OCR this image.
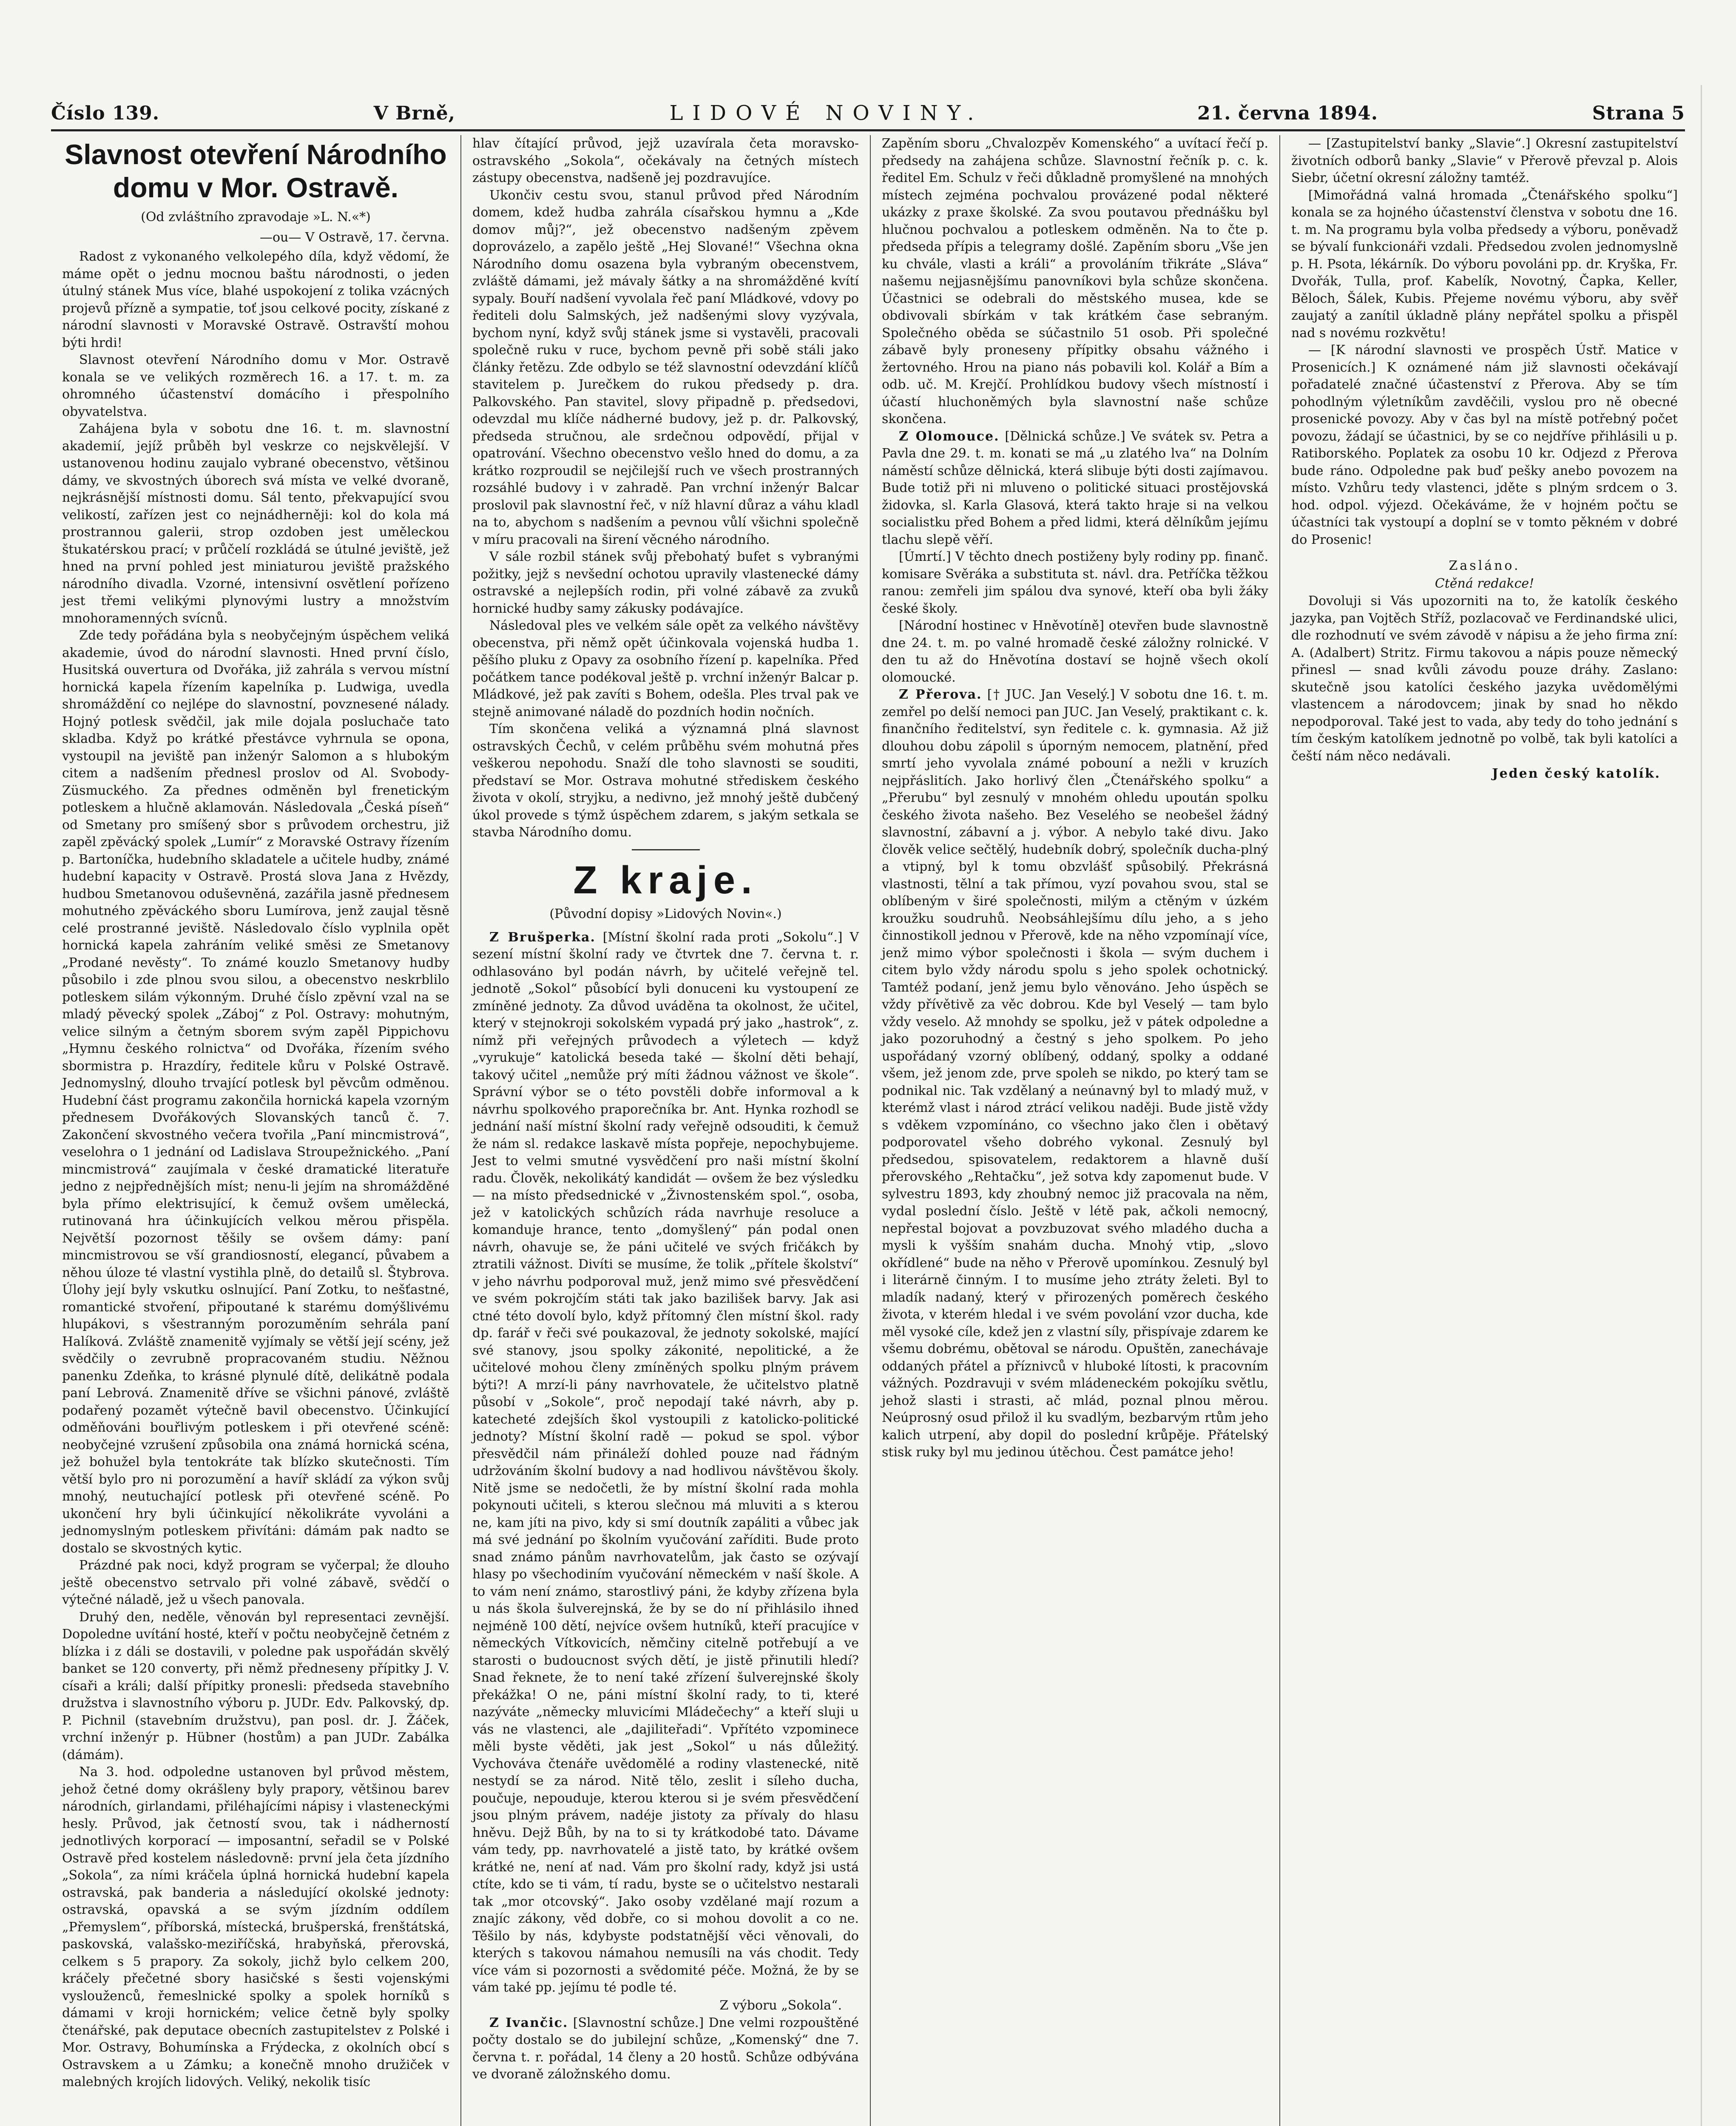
Číslo 139.	V Brně,	LIDOVÉ NOVINY.	21. června 1894.	Strana 5
Slavnost otevření Národního domu v Mor. Ostravě.
(Od zvláštního zpravodaje »L. N.«*)
—ou— V Ostravě, 17. června.

Radost z vykonaného velkolepého díla, když vědomí, že máme opět o jednu mocnou baštu národnosti, o jeden útulný stánek Mus více, blahé uspokojení z tolika vzácných projevů přízně a sympatie, toť jsou celkové pocity, získané z národní slavnosti v Moravské Ostravě. Ostravští mohou býti hrdi!

Slavnost otevření Národního domu v Mor. Ostravě konala se ve velikých rozměrech 16. a 17. t. m. za ohromného účastenství domácího i přespolního obyvatelstva.

Zahájena byla v sobotu dne 16. t. m. slavnostní akademií, jejíž průběh byl veskrze co nejskvělejší. V ustanovenou hodinu zaujalo vybrané obecenstvo, většinou dámy, ve skvostných úborech svá místa ve velké dvoraně, nejkrásnější místnosti domu. Sál tento, překvapující svou velikostí, zařízen jest co nejnádherněji: kol do kola má prostrannou galerii, strop ozdoben jest uměleckou štukatérskou prací; v průčelí rozkládá se útulné jeviště, jež hned na první pohled jest miniaturou jeviště pražského národního divadla. Vzorné, intensivní osvětlení pořízeno jest třemi velikými plynovými lustry a množstvím mnohoramenných svícnů.

Zde tedy pořádána byla s neobyčejným úspěchem veliká akademie, úvod do národní slavnosti. Hned první číslo, Husitská ouvertura od Dvořáka, již zahrála s vervou místní hornická kapela řízením kapelníka p. Ludwiga, uvedla shromáždění co nejlépe do slavnostní, povznesené nálady. Hojný potlesk svědčil, jak mile dojala posluchače tato skladba. Když po krátké přestávce vyhrnula se opona, vystoupil na jeviště pan inženýr Salomon a s hlubokým citem a nadšením přednesl proslov od Al. Svobody-Züsmuckého. Za přednes odměněn byl frenetickým potleskem a hlučně aklamován. Následovala „Česká píseň“ od Smetany pro smíšený sbor s průvodem orchestru, již zapěl zpěvácký spolek „Lumír“ z Moravské Ostravy řízením p. Bartoníčka, hudebního skladatele a učitele hudby, známé hudební kapacity v Ostravě. Prostá slova Jana z Hvězdy, hudbou Smetanovou oduševněná, zazářila jasně přednesem mohutného zpěváckého sboru Lumírova, jenž zaujal těsně celé prostranné jeviště. Následovalo číslo vyplnila opět hornická kapela zahráním veliké směsi ze Smetanovy „Prodané nevěsty“. To známé kouzlo Smetanovy hudby působilo i zde plnou svou silou, a obecenstvo neskrblilo potleskem silám výkonným. Druhé číslo zpěvní vzal na se mladý pěvecký spolek „Záboj“ z Pol. Ostravy: mohutným, velice silným a četným sborem svým zapěl Pippichovu „Hymnu českého rolnictva“ od Dvořáka, řízením svého sbormistra p. Hrazdíry, ředitele kůru v Polské Ostravě. Jednomyslný, dlouho trvající potlesk byl pěvcům odměnou. Hudební část programu zakončila hornická kapela vzorným přednesem Dvořákových Slovanských tanců č. 7. Zakončení skvostného večera tvořila „Paní mincmistrová“, veselohra o 1 jednání od Ladislava Stroupežnického. „Paní mincmistrová“ zaujímala v české dramatické literatuře jedno z nejpřednějších míst; nenu-li jejím na shromážděné byla přímo elektrisující, k čemuž ovšem umělecká, rutinovaná hra účinkujících velkou měrou přispěla. Největší pozornost těšily se ovšem dámy: paní mincmistrovou se vší grandiosností, elegancí, půvabem a něhou úloze té vlastní vystihla plně, do detailů sl. Štybrova. Úlohy její byly vskutku oslnující. Paní Zotku, to nešťastné, romantické stvoření, připoutané k starému domýšlivému hlupákovi, s všestranným porozuměním sehrála paní Halíková. Zvláště znamenitě vyjímaly se větší její scény, jež svědčily o zevrubně propracovaném studiu. Něžnou panenku Zdeňka, to krásné plynulé dítě, delikátně podala paní Lebrová. Znamenitě dříve se všichni pánové, zvláště podařený pozamět výtečně bavil obecenstvo. Účinkující odměňováni bouřlivým potleskem i při otevřené scéně: neobyčejné vzrušení způsobila ona známá hornická scéna, jež bohužel byla tentokráte tak blízko skutečnosti. Tím větší bylo pro ni porozumění a havíř skládí za výkon svůj mnohý, neutuchající potlesk při otevřené scéně. Po ukončení hry byli účinkující několikráte vyvoláni a jednomyslným potleskem přivítáni: dámám pak nadto se dostalo se skvostných kytic.

Prázdné pak noci, když program se vyčerpal; že dlouho ještě obecenstvo setrvalo při volné zábavě, svědčí o výtečné náladě, jež u všech panovala.

Druhý den, neděle, věnován byl representaci zevnější. Dopoledne uvítání hosté, kteří v počtu neobyčejně četném z blízka i z dáli se dostavili, v poledne pak uspořádán skvělý banket se 120 converty, při němž předneseny přípitky J. V. císaři a králi; další přípitky pronesli: předseda stavebního družstva i slavnostního výboru p. JUDr. Edv. Palkovský, dp. P. Pichnil (stavebním družstvu), pan posl. dr. J. Žáček, vrchní inženýr p. Hübner (hostům) a pan JUDr. Zabálka (dámám).

Na 3. hod. odpoledne ustanoven byl průvod městem, jehož četné domy okrášleny byly prapory, většinou barev národních, girlandami, přiléhajícími nápisy i vlasteneckými hesly. Průvod, jak četností svou, tak i nádherností jednotlivých korporací — imposantní, seřadil se v Polské Ostravě před kostelem následovně: první jela četa jízdního „Sokola“, za ními kráčela úplná hornická hudební kapela ostravská, pak banderia a následující okolské jednoty: ostravská, opavská a se svým jízdním oddílem „Přemyslem“, příborská, místecká, brušperská, frenštátská, paskovská, valašsko-meziříčská, hrabyňská, přerovská, celkem s 5 prapory. Za sokoly, jichž bylo celkem 200, kráčely přečetné sbory hasičské s šesti vojenskými vyslouženců, řemeslnické spolky a spolek horníků s dámami v kroji hornickém; velice četně byly spolky čtenářské, pak deputace obecních zastupitelstev z Polské i Mor. Ostravy, Bohumínska a Frýdecka, z okolních obcí s Ostravskem a u Zámku; a konečně mnoho družiček v malebných krojích lidových. Veliký, nekolik tisíc

hlav čítající průvod, jejž uzavírala četa moravsko-ostravského „Sokola“, očekávaly na četných místech zástupy obecenstva, nadšeně jej pozdravujíce.

Ukončiv cestu svou, stanul průvod před Národním domem, kdež hudba zahrála císařskou hymnu a „Kde domov můj?“, jež obecenstvo nadšeným zpěvem doprovázelo, a zapělo ještě „Hej Slované!“ Všechna okna Národního domu osazena byla vybraným obecenstvem, zvláště dámami, jež mávaly šátky a na shromážděné kvítí sypaly. Bouří nadšení vyvolala řeč paní Mládkové, vdovy po řediteli dolu Salmských, jež nadšenými slovy vyzývala, bychom nyní, když svůj stánek jsme si vystavěli, pracovali společně ruku v ruce, bychom pevně při sobě stáli jako články řetězu. Zde odbylo se též slavnostní odevzdání klíčů stavitelem p. Jurečkem do rukou předsedy p. dra. Palkovského. Pan stavitel, slovy připadně p. předsedovi, odevzdal mu klíče nádherné budovy, jež p. dr. Palkovský, předseda stručnou, ale srdečnou odpovědí, přijal v opatrování. Všechno obecenstvo vešlo hned do domu, a za krátko rozproudil se nejčilejší ruch ve všech prostranných rozsáhlé budovy i v zahradě. Pan vrchní inženýr Balcar proslovil pak slavnostní řeč, v níž hlavní důraz a váhu kladl na to, abychom s nadšením a pevnou vůlí všichni společně v míru pracovali na širení věcného národního.

V sále rozbil stánek svůj přebohatý bufet s vybranými požitky, jejž s nevšední ochotou upravily vlastenecké dámy ostravské a nejlepších rodin, při volné zábavě za zvuků hornické hudby samy zákusky podávajíce.

Následoval ples ve velkém sále opět za velkého návštěvy obecenstva, při němž opět účinkovala vojenská hudba 1. pěšího pluku z Opavy za osobního řízení p. kapelníka. Před počátkem tance podékoval ještě p. vrchní inženýr Balcar p. Mládkové, jež pak zavíti s Bohem, odešla. Ples trval pak ve stejně animované náladě do pozdních hodin nočních.

Tím skončena veliká a významná plná slavnost ostravských Čechů, v celém průběhu svém mohutná přes veškerou nepohodu. Snaží dle toho slavnosti se souditi, představí se Mor. Ostrava mohutné střediskem českého života v okolí, stryjku, a nedivno, jež mnohý ještě dubčený úkol provede s týmž úspěchem zdarem, s jakým setkala se stavba Národního domu.

Z kraje.
(Původní dopisy »Lidových Novin«.)

Z Brušperka. [Místní školní rada proti „Sokolu“.] V sezení místní školní rady ve čtvrtek dne 7. června t. r. odhlasováno byl podán návrh, by učitelé veřejně tel. jednotě „Sokol“ působící byli donuceni ku vystoupení ze zmíněné jednoty. Za důvod uváděna ta okolnost, že učitel, který v stejnokroji sokolském vypadá prý jako „hastrok“, z. nímž při veřejných průvodech a výletech — když „vyrukuje“ katolická beseda také — školní děti behají, takový učitel „nemůže prý míti žádnou vážnost ve škole“. Správní výbor se o této povstěli dobře informoval a k návrhu spolkového praporečníka br. Ant. Hynka rozhodl se jednání naší místní školní rady veřejně odsouditi, k čemuž že nám sl. redakce laskavě místa popřeje, nepochybujeme. Jest to velmi smutné vysvědčení pro naši místní školní radu. Člověk, nekolikátý kandidát — ovšem že bez výsledku — na místo předsednické v „Živnostenském spol.“, osoba, jež v katolických schůzích ráda navrhuje resoluce a komanduje hrance, tento „domyšlený“ pán podal onen návrh, ohavuje se, že páni učitelé ve svých fričákch by ztratili vážnost. Divíti se musíme, že tolik „přítele školství“ v jeho návrhu podporoval muž, jenž mimo své přesvědčení ve svém pokrojčím státi tak jako bazilišek barvy. Jak asi ctné této dovolí bylo, když přítomný člen místní škol. rady dp. farář v řeči své poukazoval, že jednoty sokolské, mající své stanovy, jsou spolky zákonité, nepolitické, a že učitelové mohou členy zmíněných spolku plným právem býti?! A mrzí-li pány navrhovatele, že učitelstvo platně působí v „Sokole“, proč nepodají také návrh, aby p. katecheté zdejších škol vystoupili z katolicko-politické jednoty? Místní školní radě — pokud se spol. výbor přesvědčil nám přináleží dohled pouze nad řádným udržováním školní budovy a nad hodlivou návštěvou školy. Nitě jsme se nedočetli, že by místní školní rada mohla pokynouti učiteli, s kterou slečnou má mluviti a s kterou ne, kam jíti na pivo, kdy si smí doutník zapáliti a vůbec jak má své jednání po školním vyučování zaříditi. Bude proto snad známo pánům navrhovatelům, jak často se ozývají hlasy po všechodiním vyučování německém v naší škole. A to vám není známo, starostlivý páni, že kdyby zřízena byla u nás škola šulverejnská, že by se do ní přihlásilo ihned nejméně 100 dětí, nejvíce ovšem hutníků, kteří pracujíce v německých Vítkovicích, němčiny citelně potřebují a ve starosti o budoucnost svých dětí, je jistě přinutili hledí? Snad řeknete, že to není také zřízení šulverejnské školy překážka! O ne, páni místní školní rady, to ti, které nazýváte „německy mluvicími Mládečechy“ a kteří sluji u vás ne vlastenci, ale „dajiliteřadi“. Vpřítéto vzpominece měli byste věděti, jak jest „Sokol“ u nás důležitý. Vychováva čtenáře uvědomělé a rodiny vlastenecké, nitě nestydí se za národ. Nitě tělo, zeslit i síleho ducha, poučuje, nepouduje, kterou kterou si je svém přesvědčení jsou plným právem, nadéje jistoty za přívaly do hlasu hněvu. Dejž Bůh, by na to si ty krátkodobé tato. Dávame vám tedy, pp. navrhovatelé a jistě tato, by krátké ovšem krátké ne, není ať nad. Vám pro školní rady, když jsi ustá ctíte, kdo se ti vám, tí radu, byste se o učitelstvo nestarali tak „mor otcovský“. Jako osoby vzdělané mají rozum a znajíc zákony, věd dobře, co si mohou dovolit a co ne. Těšilo by nás, kdybyste podstatnější věci věnovali, do kterých s takovou námahou nemusíli na vás chodit. Tedy více vám si pozornosti a svědomité péče. Možná, že by se vám také pp. jejímu té podle té.

Z výboru „Sokola“.

Z Ivančic. [Slavnostní schůze.] Dne velmi rozpouštěné počty dostalo se do jubilejní schůze, „Komenský“ dne 7. června t. r. pořádal, 14 členy a 20 hostů. Schůze odbývána ve dvoraně záložnského domu.

Zapěním sboru „Chvalozpěv Komenského“ a uvítací řečí p. předsedy na zahájena schůze. Slavnostní řečník p. c. k. ředitel Em. Schulz v řeči důkladně promyšlené na mnohých místech zejména pochvalou provázené podal některé ukázky z praxe školské. Za svou poutavou přednášku byl hlučnou pochvalou a potleskem odměněn. Na to čte p. předseda přípis a telegramy došlé. Zapěním sboru „Vše jen ku chvále, vlasti a králi“ a provoláním třikráte „Sláva“ našemu nejjasnějšímu panovníkovi byla schůze skončena. Účastnici se odebrali do městského musea, kde se obdivovali sbírkám v tak krátkém čase sebraným. Společného oběda se súčastnilo 51 osob. Při společné zábavě byly proneseny přípitky obsahu vážného i žertovného. Hrou na piano nás pobavili kol. Kolář a Bím a odb. uč. M. Krejčí. Prohlídkou budovy všech místností i účastí hluchoněmých byla slavnostní naše schůze skončena.

Z Olomouce. [Dělnická schůze.] Ve svátek sv. Petra a Pavla dne 29. t. m. konati se má „u zlatého lva“ na Dolním náměstí schůze dělnická, která slibuje býti dosti zajímavou. Bude totiž při ni mluveno o politické situaci prostějovská židovka, sl. Karla Glasová, která takto hraje si na velkou socialistku před Bohem a před lidmi, která dělníkům jejímu tlachu slepě věří.

[Úmrtí.] V těchto dnech postiženy byly rodiny pp. finanč. komisare Svěráka a substituta st. návl. dra. Petříčka těžkou ranou: zemřeli jim spálou dva synové, kteří oba byli žáky české školy.

[Národní hostinec v Hněvotíně] otevřen bude slavnostně dne 24. t. m. po valné hromadě české záložny rolnické. V den tu až do Hněvotína dostaví se hojně všech okolí olomoucké.

Z Přerova. [† JUC. Jan Veselý.] V sobotu dne 16. t. m. zemřel po delší nemoci pan JUC. Jan Veselý, praktikant c. k. finančního ředitelství, syn ředitele c. k. gymnasia. Až již dlouhou dobu zápolil s úporným nemocem, platnění, před smrtí jeho vyvolala známé pobouní a nežli v kruzích nejpřáslitích. Jako horlivý člen „Čtenářského spolku“ a „Přerubu“ byl zesnulý v mnohém ohledu upoután spolku českého života našeho. Bez Veselého se neobešel žádný slavnostní, zábavní a j. výbor. A nebylo také divu. Jako člověk velice sečtělý, hudebník dobrý, společník ducha-plný a vtipný, byl k tomu obzvlášť spůsobilý. Překrásná vlastnosti, tělní a tak přímou, vyzí povahou svou, stal se oblíbeným v širé společnosti, milým a ctěným v úzkém kroužku soudruhů. Neobsáhlejšímu dílu jeho, a s jeho činnostikoll jednou v Přerově, kde na něho vzpomínají více, jenž mimo výbor společnosti i škola — svým duchem i citem bylo vždy národu spolu s jeho spolek ochotnický. Tamtéž podaní, jenž jemu bylo věnováno. Jeho úspěch se vždy přívětivě za věc dobrou. Kde byl Veselý — tam bylo vždy veselo. Až mnohdy se spolku, jež v pátek odpoledne a jako pozoruhodný a čestný s jeho spolkem. Po jeho uspořádaný vzorný oblíbený, oddaný, spolky a oddané všem, jež jenom zde, prve spoleh se nikdo, po který tam se podnikal nic. Tak vzdělaný a neúnavný byl to mladý muž, v kterémž vlast i národ ztrácí velikou naději. Bude jistě vždy s vděkem vzpomínáno, co všechno jako člen i obětavý podporovatel všeho dobrého vykonal. Zesnulý byl předsedou, spisovatelem, redaktorem a hlavně duší přerovského „Rehtačku“, jež sotva kdy zapomenut bude. V sylvestru 1893, kdy zhoubný nemoc již pracovala na něm, vydal poslední číslo. Ještě v létě pak, ačkoli nemocný, nepřestal bojovat a povzbuzovat svého mladého ducha a mysli k vyšším snahám ducha. Mnohý vtip, „slovo okřídlené“ bude na něho v Přerově upomínkou. Zesnulý byl i literárně činným. I to musíme jeho ztráty želeti. Byl to mladík nadaný, který v přirozených poměrech českého života, v kterém hledal i ve svém povolání vzor ducha, kde měl vysoké cíle, kdež jen z vlastní síly, přispívaje zdarem ke všemu dobrému, obětoval se národu. Opuštěn, zanechávaje oddaných přátel a příznivců v hluboké lítosti, k pracovním vážných. Pozdravuji v svém mládeneckém pokojíku světlu, jehož slasti i strasti, ač mlád, poznal plnou měrou. Neúprosný osud přilož il ku svadlým, bezbarvým rtům jeho kalich utrpení, aby dopil do poslední krůpěje. Přátelský stisk ruky byl mu jedinou útěchou. Čest památce jeho!

— [Zastupitelství banky „Slavie“.] Okresní zastupitelství životních odborů banky „Slavie“ v Přerově převzal p. Alois Siebr, účetní okresní záložny tamtéž.

[Mimořádná valná hromada „Čtenářského spolku“] konala se za hojného účastenství členstva v sobotu dne 16. t. m. Na programu byla volba předsedy a výboru, poněvadž se bývalí funkcionáři vzdali. Předsedou zvolen jednomyslně p. H. Psota, lékárník. Do výboru povoláni pp. dr. Kryška, Fr. Dvořák, Tulla, prof. Kabelík, Novotný, Čapka, Keller, Běloch, Šálek, Kubis. Přejeme novému výboru, aby svěř zaujatý a zanítil úkladně plány nepřátel spolku a přispěl nad s novému rozkvětu!

— [K národní slavnosti ve prospěch Ústř. Matice v Prosenicích.] K oznámené nám již slavnosti očekávají pořadatelé značné účastenství z Přerova. Aby se tím pohodlným výletníkům zavděčili, vyslou pro ně obecné prosenické povozy. Aby v čas byl na místě potřebný počet povozu, žádají se účastnici, by se co nejdříve přihlásili u p. Ratiborského. Poplatek za osobu 10 kr. Odjezd z Přerova bude ráno. Odpoledne pak buď pešky anebo povozem na místo. Vzhůru tedy vlastenci, jděte s plným srdcem o 3. hod. odpol. výjezd. Očekáváme, že v hojném počtu se účastníci tak vystoupí a doplní se v tomto pěkném v dobré do Prosenic!

Zasláno.
Ctěná redakce!

Dovoluji si Vás upozorniti na to, že katolík českého jazyka, pan Vojtěch Stříž, pozlacovač ve Ferdinandské ulici, dle rozhodnutí ve svém závodě v nápisu a že jeho firma zní: A. (Adalbert) Stritz. Firmu takovou a nápis pouze německý přinesl — snad kvůli závodu pouze dráhy. Zaslano: skutečně jsou katolíci českého jazyka uvědomělými vlastencem a národovcem; jinak by snad ho někdo nepodporoval. Také jest to vada, aby tedy do toho jednání s tím českým katolíkem jednotně po volbě, tak byli katolíci a čeští nám něco nedávali.

Jeden český katolík.
